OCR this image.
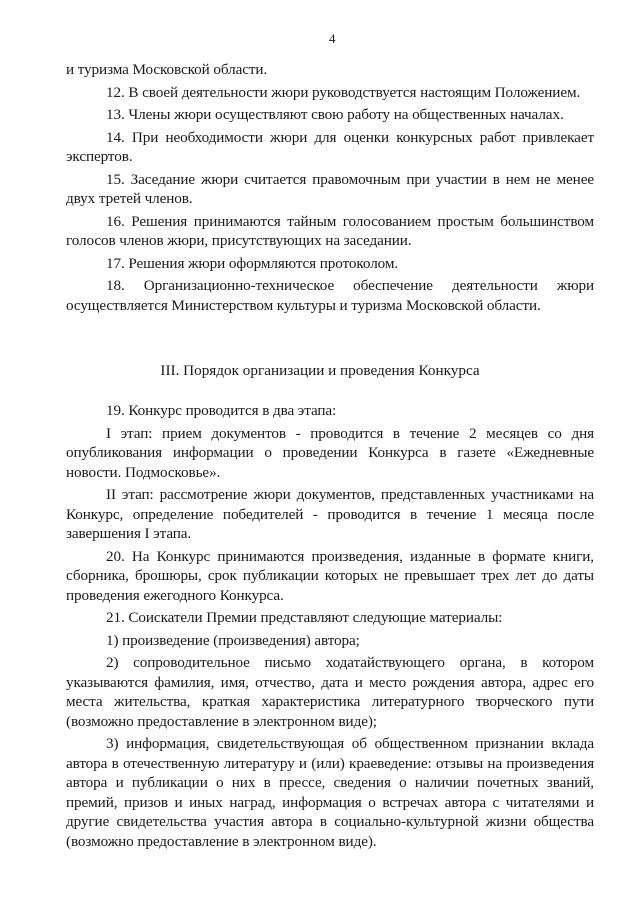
4

и туризма Московской области.

12. В своей деятельности жюри руководствуется настоящим Положением.

13. Члены жюри осуществляют свою работу на общественных началах.

14. При необходимости жюри для оценки конкурсных работ привлекает экспертов.

15. Заседание жюри считается правомочным при участии в нем не менее двух третей членов.

16. Решения принимаются тайным голосованием простым большинством голосов членов жюри, присутствующих на заседании.

17. Решения жюри оформляются протоколом.

18. Организационно-техническое обеспечение деятельности жюри осуществляется Министерством культуры и туризма Московской области.

III. Порядок организации и проведения Конкурса

19. Конкурс проводится в два этапа:

I этап: прием документов - проводится в течение 2 месяцев со дня опубликования информации о проведении Конкурса в газете «Ежедневные новости. Подмосковье».

II этап: рассмотрение жюри документов, представленных участниками на Конкурс, определение победителей - проводится в течение 1 месяца после завершения I этапа.

20. На Конкурс принимаются произведения, изданные в формате книги, сборника, брошюры, срок публикации которых не превышает трех лет до даты проведения ежегодного Конкурса.

21. Соискатели Премии представляют следующие материалы:

1) произведение (произведения) автора;

2) сопроводительное письмо ходатайствующего органа, в котором указываются фамилия, имя, отчество, дата и место рождения автора, адрес его места жительства, краткая характеристика литературного творческого пути (возможно предоставление в электронном виде);

3) информация, свидетельствующая об общественном признании вклада автора в отечественную литературу и (или) краеведение: отзывы на произведения автора и публикации о них в прессе, сведения о наличии почетных званий, премий, призов и иных наград, информация о встречах автора с читателями и другие свидетельства участия автора в социально-культурной жизни общества (возможно предоставление в электронном виде).
